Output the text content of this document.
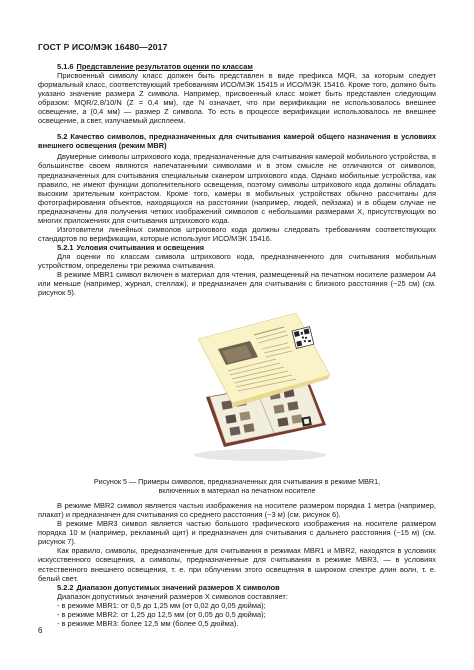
ГОСТ Р ИСО/МЭК 16480—2017

5.1.6 Представление результатов оценки по классам

Присвоенный символу класс должен быть представлен в виде префикса MQR, за которым следует формальный класс, соответствующий требованиям ИСО/МЭК 15415 и ИСО/МЭК 15416. Кроме того, должно быть указано значение размера Z символа. Например, присвоенный класс может быть представлен следующим образом: MQR/2,8/10/N (Z = 0,4 мм), где N означает, что при верификации не использовалось внешнее освещение, а (0,4 мм) — размер Z символа. То есть в процессе верификации использовалось не внешнее освещение, а свет, излучаемый дисплеем.

5.2 Качество символов, предназначенных для считывания камерой общего назначения в условиях внешнего освещения (режим MBR)

Двумерные символы штрихового кода, предназначенные для считывания камерой мобильного устройства, в большинстве своем являются напечатанными символами и в этом смысле не отличаются от символов, предназначенных для считывания специальным сканером штрихового кода. Однако мобильные устройства, как правило, не имеют функции дополнительного освещения, поэтому символы штрихового кода должны обладать высоким зрительным контрастом. Кроме того, камеры в мобильных устройствах обычно рассчитаны для фотографирования объектов, находящихся на расстоянии (например, людей, пейзажа) и в общем случае не предназначены для получения четких изображений символов с небольшими размерами X, присутствующих во многих приложениях для считывания штрихового кода.

Изготовители линейных символов штрихового кода должны следовать требованиям соответствующих стандартов по верификации, которые используют ИСО/МЭК 15416.

5.2.1 Условия считывания и освещения

Для оценки по классам символа штрихового кода, предназначенного для считывания мобильным устройством, определены три режима считывания.

В режиме MBR1 символ включен в материал для чтения, размещенный на печатном носителе размером А4 или меньше (например, журнал, стеллаж), и предназначен для считывания с близкого расстояния (~25 см) (см. рисунок 5).

Рисунок 5 — Примеры символов, предназначенных для считывания в режиме MBR1,
включенных в материал на печатном носителе

В режиме MBR2 символ является частью изображения на носителе размером порядка 1 метра (например, плакат) и предназначен для считывания со среднего расстояния (~3 м) (см. рисунок 6).

В режиме MBR3 символ является частью большого графического изображения на носителе размером порядка 10 м (например, рекламный щит) и предназначен для считывания с дальнего расстояния (~15 м) (см. рисунок 7).

Как правило, символы, предназначенные для считывания в режимах MBR1 и MBR2, находятся в условиях искусственного освещения, а символы, предназначенные для считывания в режиме MBR3, — в условиях естественного внешнего освещения, т. е. при облучении этого освещения в широком спектре длин волн, т. е. белый свет.

5.2.2 Диапазон допустимых значений размеров X символов

Диапазон допустимых значений размеров X символов составляет:

- в режиме MBR1: от 0,5 до 1,25 мм (от 0,02 до 0,05 дюйма);

- в режиме MBR2: от 1,25 до 12,5 мм (от 0,05 до 0,5 дюйма);

- в режиме MBR3: более 12,5 мм (более 0,5 дюйма).

6
